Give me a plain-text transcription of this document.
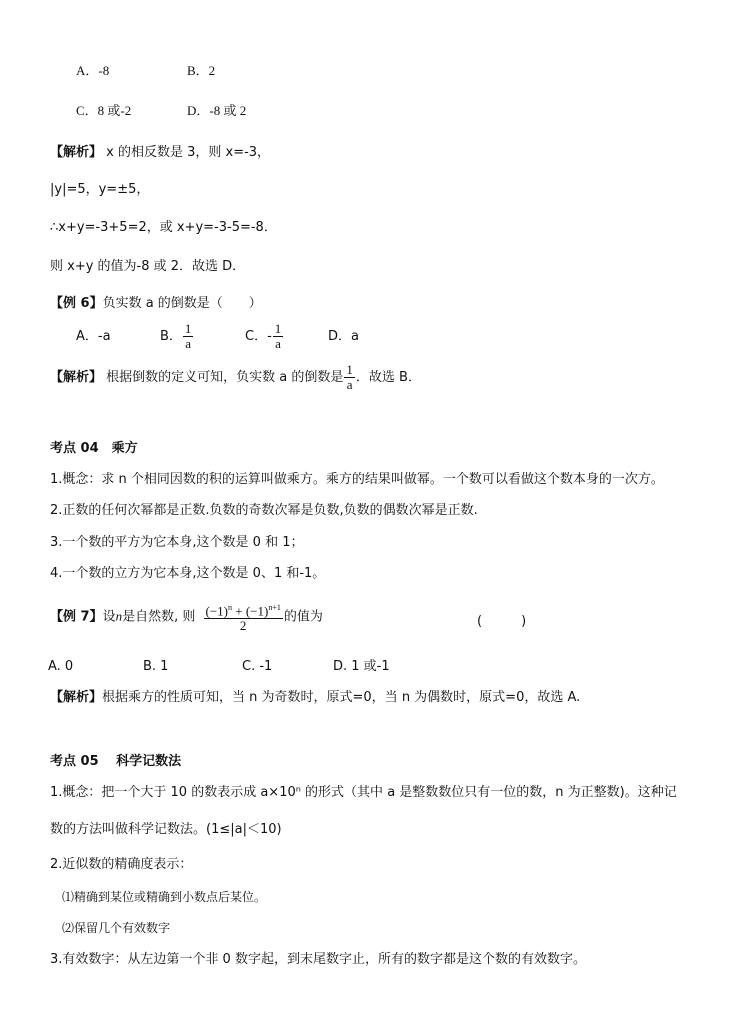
A．-8	B．2
C．8 或-2	D．-8 或 2
【解析】 x 的相反数是 3，则 x=-3，
|y|=5，y=±5，
∴x+y=-3+5=2，或 x+y=-3-5=-8．
则 x+y 的值为-8 或 2．故选 D．
【例 6】负实数 a 的倒数是（　　）
A．-a	B． $\frac{1}{a}$	C．- $\frac{1}{a}$	D．a
【解析】 根据倒数的定义可知，负实数 a 的倒数是 $\frac{1}{a}$ ．故选 B．
考点 04　乘方
1.概念：求 n 个相同因数的积的运算叫做乘方。乘方的结果叫做幂。一个数可以看做这个数本身的一次方。
2.正数的任何次幂都是正数.负数的奇数次幂是负数,负数的偶数次幂是正数.
3.一个数的平方为它本身,这个数是 0 和 1；
4.一个数的立方为它本身,这个数是 0、1 和-1。
【例 7】设n是自然数, 则 $\frac{(-1)^n + (-1)^{n+1}}{2}$ 的值为	(　　　)
A. 0	B. 1	C. -1	D. 1 或-1
【解析】根据乘方的性质可知，当 n 为奇数时，原式=0，当 n 为偶数时，原式=0，故选 A.
考点 05　 科学记数法
1.概念：把一个大于 10 的数表示成 a×10ⁿ 的形式（其中 a 是整数数位只有一位的数，n 为正整数)。这种记
数的方法叫做科学记数法。(1≤|a|＜10)
2.近似数的精确度表示：
⑴精确到某位或精确到小数点后某位。
⑵保留几个有效数字
3.有效数字：从左边第一个非 0 数字起，到末尾数字止，所有的数字都是这个数的有效数字。
